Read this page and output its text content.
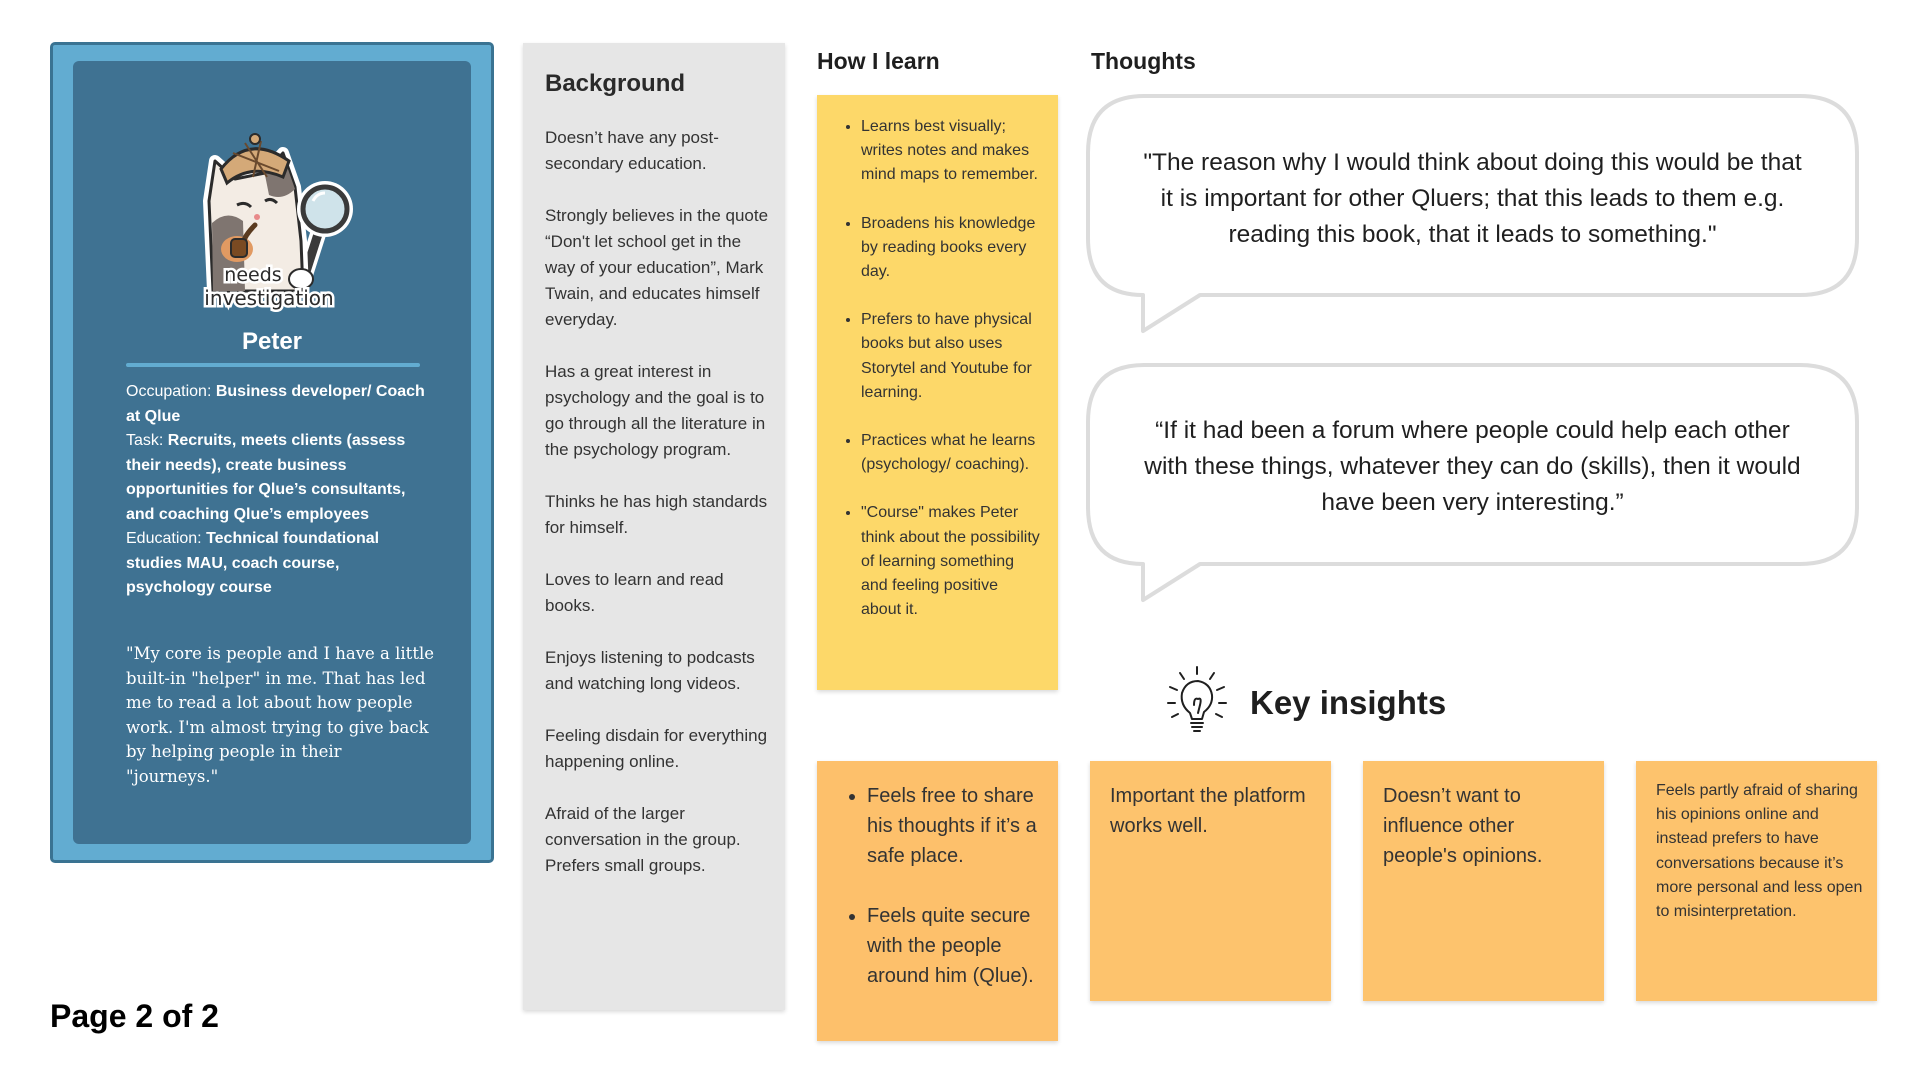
needs
investigation
Peter
Occupation: Business developer/ Coach at Qlue
Task: Recruits, meets clients (assess their needs), create business opportunities for Qlue’s consultants, and coaching Qlue’s employees
Education: Technical foundational studies MAU, coach course, psychology course
"My core is people and I have a little built-in "helper" in me. That has led me to read a lot about how people work. I'm almost trying to give back by helping people in their "journeys."
Page 2 of 2
Background

Doesn’t have any post-secondary education.

Strongly believes in the quote “Don't let school get in the way of your education”, Mark Twain, and educates himself everyday.

Has a great interest in psychology and the goal is to go through all the literature in the psychology program.

Thinks he has high standards for himself.

Loves to learn and read books.

Enjoys listening to podcasts and watching long videos.

Feeling disdain for everything happening online.

Afraid of the larger conversation in the group. Prefers small groups.

How I learn
• Learns best visually; writes notes and makes mind maps to remember.
• Broadens his knowledge by reading books every day.
• Prefers to have physical books but also uses Storytel and Youtube for learning.
• Practices what he learns (psychology/ coaching).
• "Course" makes Peter think about the possibility of learning something and feeling positive about it.
Thoughts
"The reason why I would think about doing this would be that it is important for other Qluers; that this leads to them e.g. reading this book, that it leads to something."
“If it had been a forum where people could help each other with these things, whatever they can do (skills), then it would have been very interesting.”
Key insights
• Feels free to share his thoughts if it’s a safe place.
• Feels quite secure with the people around him (Qlue).
Important the platform works well.
Doesn’t want to influence other people's opinions.
Feels partly afraid of sharing his opinions online and instead prefers to have conversations because it’s more personal and less open to misinterpretation.
